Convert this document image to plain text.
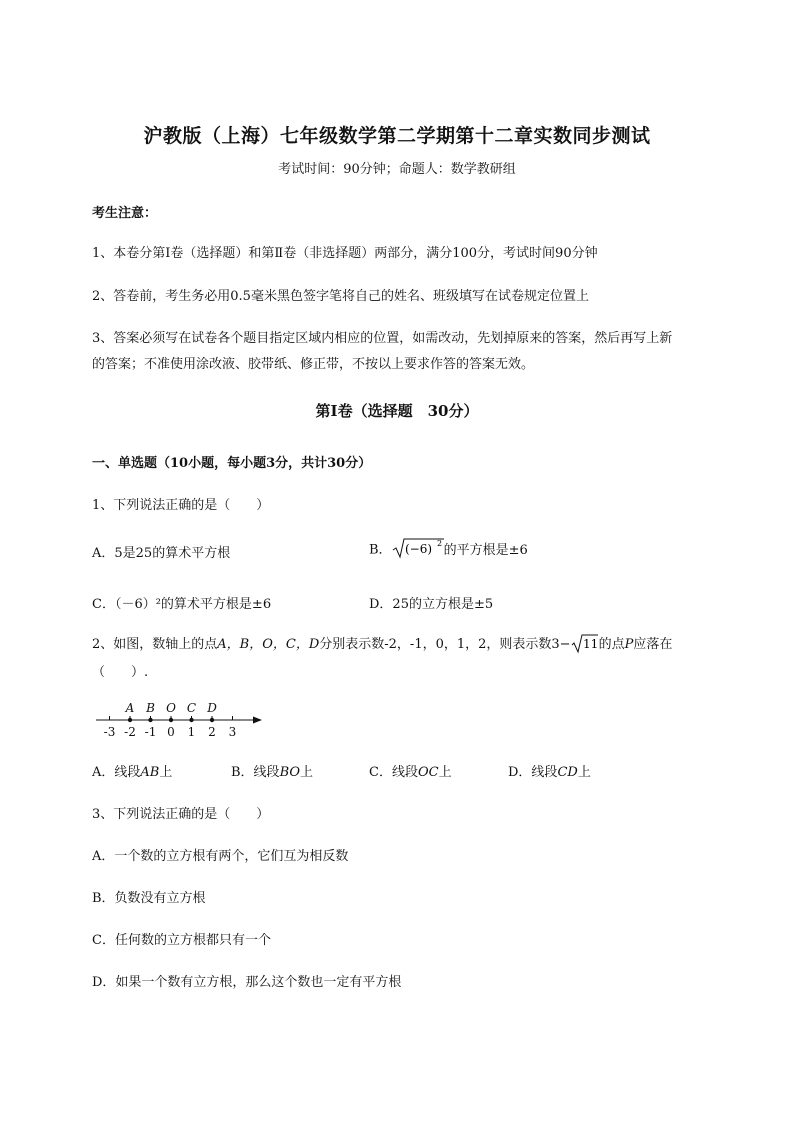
沪教版（上海）七年级数学第二学期第十二章实数同步测试
考试时间：90分钟；命题人：数学教研组
考生注意：
1、本卷分第I卷（选择题）和第Ⅱ卷（非选择题）两部分，满分100分，考试时间90分钟
2、答卷前，考生务必用0.5毫米黑色签字笔将自己的姓名、班级填写在试卷规定位置上
3、答案必须写在试卷各个题目指定区域内相应的位置，如需改动，先划掉原来的答案，然后再写上新
的答案；不准使用涂改液、胶带纸、修正带，不按以上要求作答的答案无效。
第I卷（选择题　30分）
一、单选题（10小题，每小题3分，共计30分）
1、下列说法正确的是（　　）
A．5是25的算术平方根	B． (−6) 2 的平方根是±6
C．（－6）²的算术平方根是±6	D．25的立方根是±5
2、如图，数轴上的点A，B，O，C，D分别表示数-2，-1，0，1，2，则表示数3− 11 的点P应落在
（　　）.
-3 -2 -1 0 1 2 3
A B O C D
A．线段AB上	B．线段BO上	C．线段OC上	D．线段CD上
3、下列说法正确的是（　　）
A．一个数的立方根有两个，它们互为相反数
B．负数没有立方根
C．任何数的立方根都只有一个
D．如果一个数有立方根，那么这个数也一定有平方根
